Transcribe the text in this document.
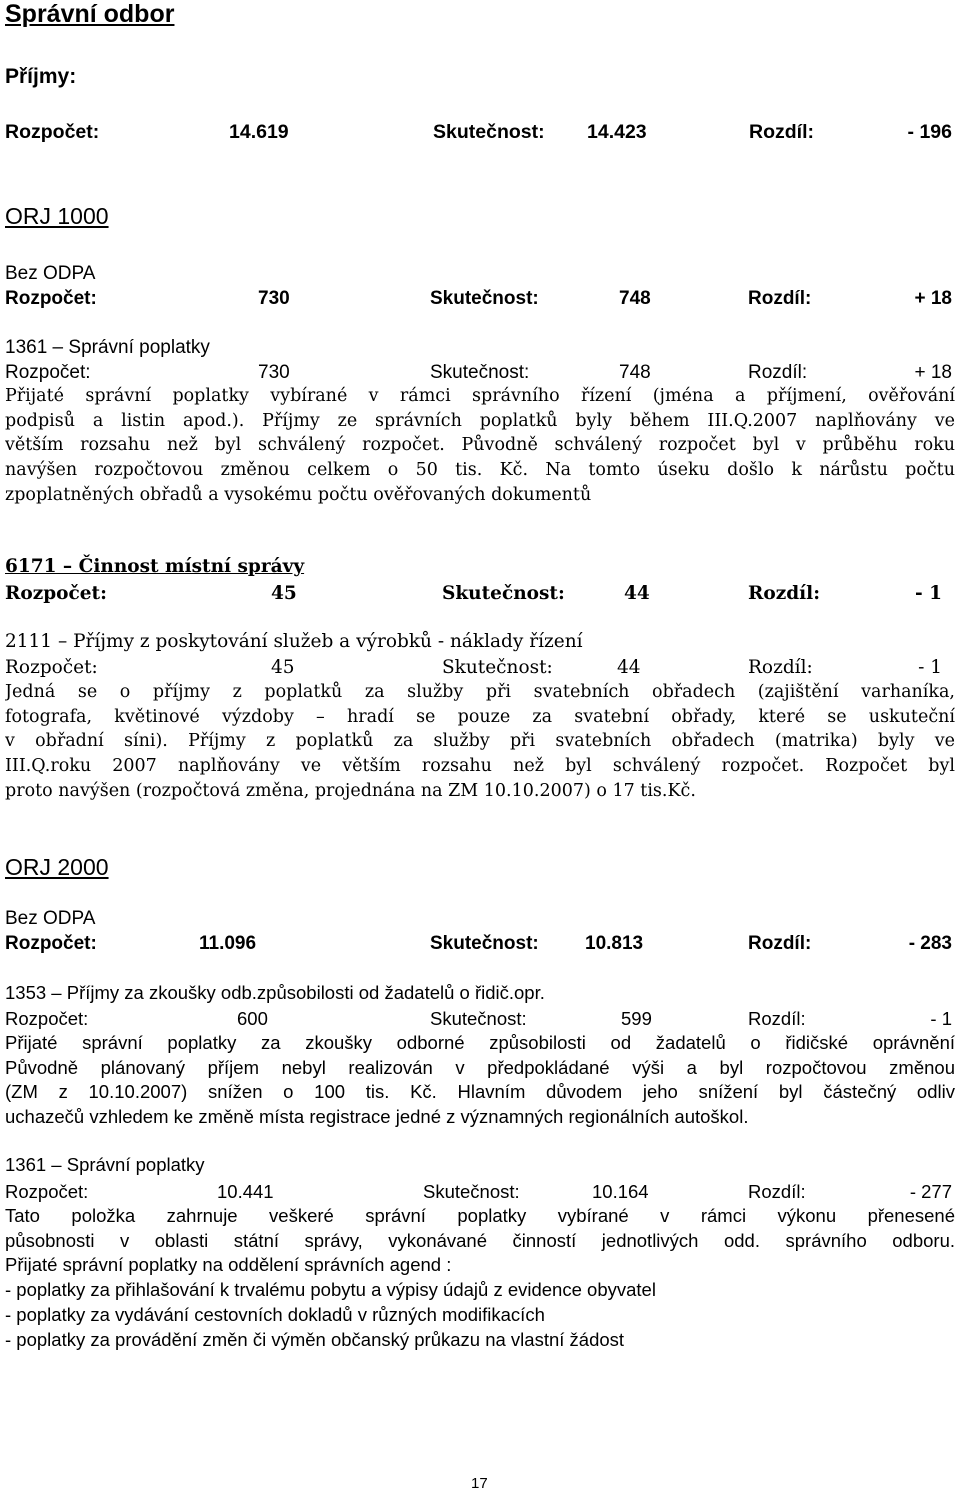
Správní odbor
Příjmy:
Rozpočet:	14.619	Skutečnost: 14.423	Rozdíl:	- 196
ORJ 1000
Bez ODPA
Rozpočet:	730	Skutečnost:	748	Rozdíl:	+ 18
1361 – Správní poplatky
Rozpočet:	730	Skutečnost:	748	Rozdíl:	+ 18
Přijaté správní poplatky vybírané v rámci správního řízení (jména a příjmení, ověřování
podpisů a listin apod.). Příjmy ze správních poplatků byly během III.Q.2007 naplňovány ve
větším rozsahu než byl schválený rozpočet. Původně schválený rozpočet byl v průběhu roku
navýšen rozpočtovou změnou celkem o 50 tis. Kč. Na tomto úseku došlo k nárůstu počtu
zpoplatněných obřadů a vysokému počtu ověřovaných dokumentů
6171 – Činnost místní správy
Rozpočet:	45	Skutečnost:	44	Rozdíl:	- 1
2111 – Příjmy z poskytování služeb a výrobků - náklady řízení
Rozpočet:	45	Skutečnost:	44	Rozdíl:	- 1
Jedná se o příjmy z poplatků za služby při svatebních obřadech (zajištění varhaníka,
fotografa, květinové výzdoby – hradí se pouze za svatební obřady, které se uskuteční
v obřadní síni). Příjmy z poplatků za služby při svatebních obřadech (matrika) byly ve
III.Q.roku 2007 naplňovány ve větším rozsahu než byl schválený rozpočet. Rozpočet byl
proto navýšen (rozpočtová změna, projednána na ZM 10.10.2007) o 17 tis.Kč.
ORJ 2000
Bez ODPA
Rozpočet:	11.096	Skutečnost: 10.813	Rozdíl:	- 283
1353 – Příjmy za zkoušky odb.způsobilosti od žadatelů o řidič.opr.
Rozpočet:	600	Skutečnost:	599	Rozdíl:	- 1
Přijaté správní poplatky za zkoušky odborné způsobilosti od žadatelů o řidičské oprávnění
Původně plánovaný příjem nebyl realizován v předpokládané výši a byl rozpočtovou změnou
(ZM z 10.10.2007) snížen o 100 tis. Kč. Hlavním důvodem jeho snížení byl částečný odliv
uchazečů vzhledem ke změně místa registrace jedné z významných regionálních autoškol.
1361 – Správní poplatky
Rozpočet:	10.441	Skutečnost:	10.164	Rozdíl:	- 277
Tato položka zahrnuje veškeré správní poplatky vybírané v rámci výkonu přenesené
působnosti v oblasti státní správy, vykonávané činností jednotlivých odd. správního odboru.
Přijaté správní poplatky na oddělení správních agend :
- poplatky za přihlašování k trvalému pobytu a výpisy údajů z evidence obyvatel
- poplatky za vydávání cestovních dokladů v různých modifikacích
- poplatky za provádění změn či výměn občanský průkazu na vlastní žádost
17
